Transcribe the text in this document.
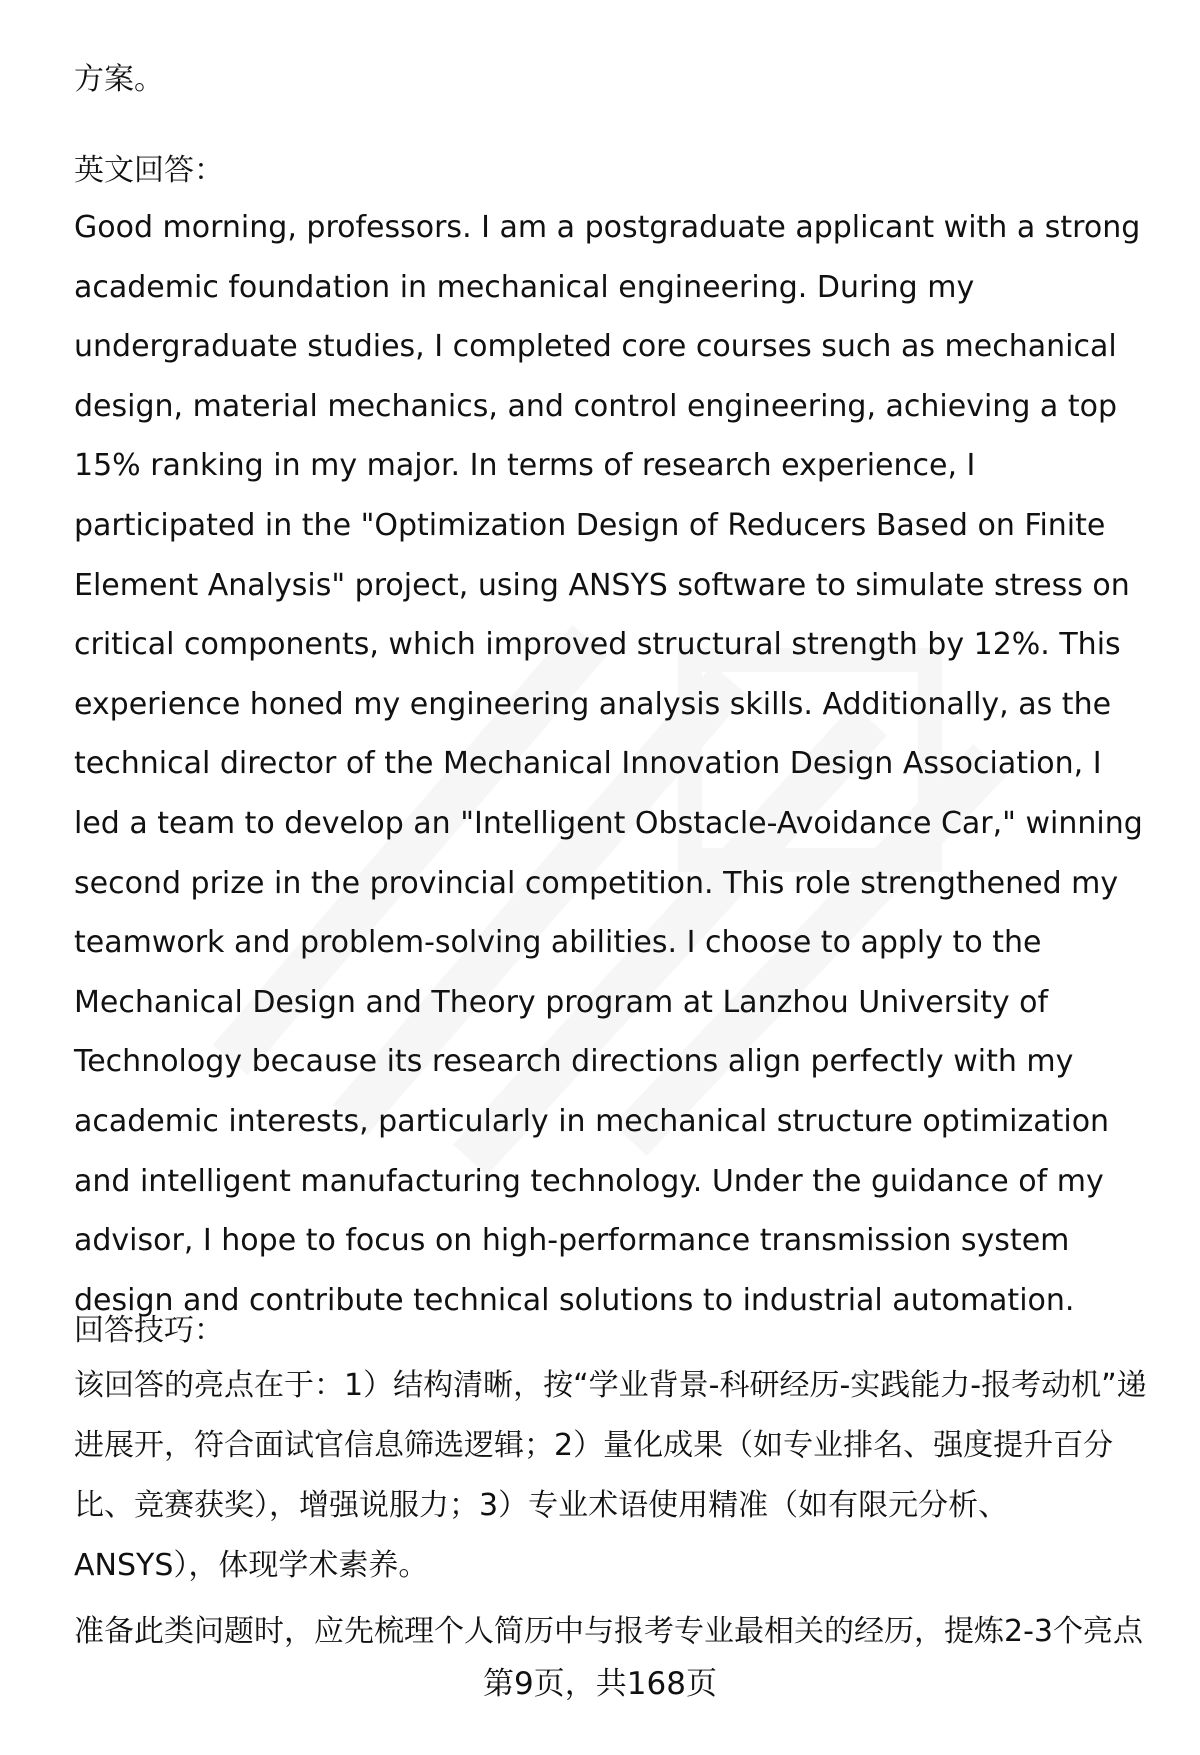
方案。
英文回答：
Good morning, professors. I am a postgraduate applicant with a strong academic foundation in mechanical engineering. During my undergraduate studies, I completed core courses such as mechanical design, material mechanics, and control engineering, achieving a top 15% ranking in my major. In terms of research experience, I participated in the "Optimization Design of Reducers Based on Finite Element Analysis" project, using ANSYS software to simulate stress on critical components, which improved structural strength by 12%. This experience honed my engineering analysis skills. Additionally, as the technical director of the Mechanical Innovation Design Association, I led a team to develop an "Intelligent Obstacle-Avoidance Car," winning second prize in the provincial competition. This role strengthened my teamwork and problem-solving abilities. I choose to apply to the Mechanical Design and Theory program at Lanzhou University of Technology because its research directions align perfectly with my academic interests, particularly in mechanical structure optimization and intelligent manufacturing technology. Under the guidance of my advisor, I hope to focus on high-performance transmission system design and contribute technical solutions to industrial automation.
回答技巧：
该回答的亮点在于：1）结构清晰，按“学业背景-科研经历-实践能力-报考动机”递进展开，符合面试官信息筛选逻辑；2）量化成果（如专业排名、强度提升百分比、竞赛获奖），增强说服力；3）专业术语使用精准（如有限元分析、ANSYS），体现学术素养。
准备此类问题时，应先梳理个人简历中与报考专业最相关的经历，提炼2-3个亮点
第9页，共168页
